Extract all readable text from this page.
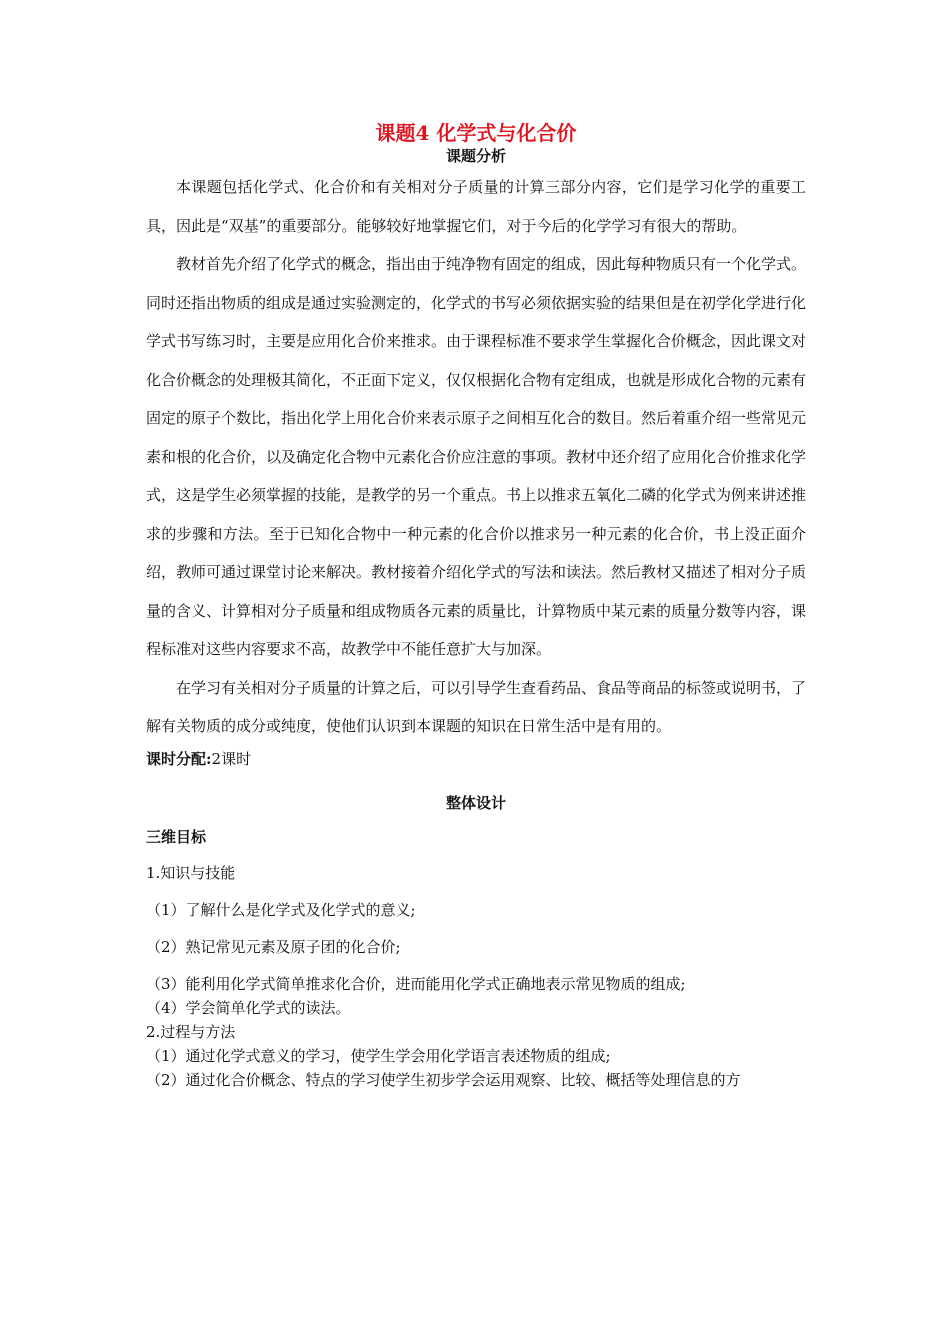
课题4 化学式与化合价
课题分析

本课题包括化学式、化合价和有关相对分子质量的计算三部分内容，它们是学习化学的重要工具，因此是“双基”的重要部分。能够较好地掌握它们，对于今后的化学学习有很大的帮助。

教材首先介绍了化学式的概念，指出由于纯净物有固定的组成，因此每种物质只有一个化学式。同时还指出物质的组成是通过实验测定的，化学式的书写必须依据实验的结果但是在初学化学进行化学式书写练习时，主要是应用化合价来推求。由于课程标准不要求学生掌握化合价概念，因此课文对化合价概念的处理极其简化，不正面下定义，仅仅根据化合物有定组成，也就是形成化合物的元素有固定的原子个数比，指出化学上用化合价来表示原子之间相互化合的数目。然后着重介绍一些常见元素和根的化合价，以及确定化合物中元素化合价应注意的事项。教材中还介绍了应用化合价推求化学式，这是学生必须掌握的技能，是教学的另一个重点。书上以推求五氧化二磷的化学式为例来讲述推求的步骤和方法。至于已知化合物中一种元素的化合价以推求另一种元素的化合价，书上没正面介绍，教师可通过课堂讨论来解决。教材接着介绍化学式的写法和读法。然后教材又描述了相对分子质量的含义、计算相对分子质量和组成物质各元素的质量比，计算物质中某元素的质量分数等内容，课程标准对这些内容要求不高，故教学中不能任意扩大与加深。

在学习有关相对分子质量的计算之后，可以引导学生查看药品、食品等商品的标签或说明书，了解有关物质的成分或纯度，使他们认识到本课题的知识在日常生活中是有用的。

课时分配:2课时

整体设计

三维目标

1.知识与技能

（1）了解什么是化学式及化学式的意义;

（2）熟记常见元素及原子团的化合价;

（3）能利用化学式简单推求化合价，进而能用化学式正确地表示常见物质的组成;

（4）学会简单化学式的读法。

2.过程与方法

（1）通过化学式意义的学习，使学生学会用化学语言表述物质的组成;

（2）通过化合价概念、特点的学习使学生初步学会运用观察、比较、概括等处理信息的方
